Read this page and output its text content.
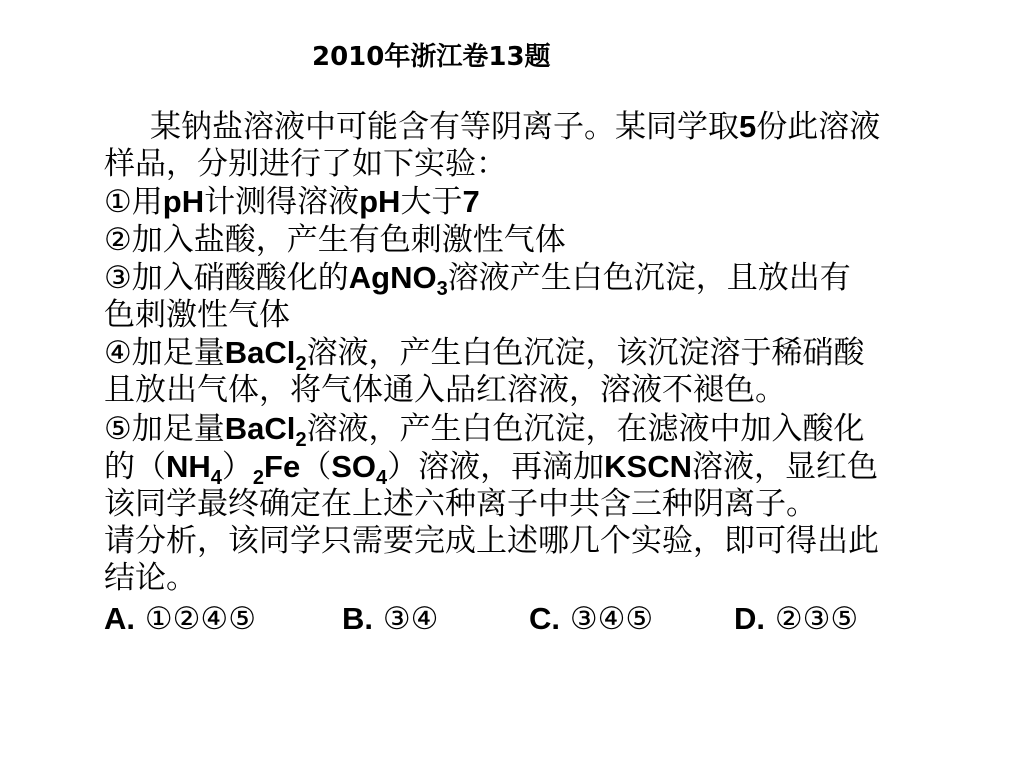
2010年浙江卷13题
某钠盐溶液中可能含有等阴离子。某同学取5份此溶液
样品，分别进行了如下实验：
①用pH计测得溶液pH大于7
②加入盐酸，产生有色刺激性气体
③加入硝酸酸化的AgNO$_3$溶液产生白色沉淀，且放出有
色刺激性气体
④加足量BaCl$_2$溶液，产生白色沉淀，该沉淀溶于稀硝酸
且放出气体，将气体通入品红溶液，溶液不褪色。
⑤加足量BaCl$_2$溶液，产生白色沉淀，在滤液中加入酸化
的$(NH_4)_2Fe(SO_4)$溶液，再滴加KSCN溶液，显红色
该同学最终确定在上述六种离子中共含三种阴离子。
请分析，该同学只需要完成上述哪几个实验，即可得出此
结论。
A. ①②④⑤	B. ③④	C. ③④⑤	D. ②③⑤
